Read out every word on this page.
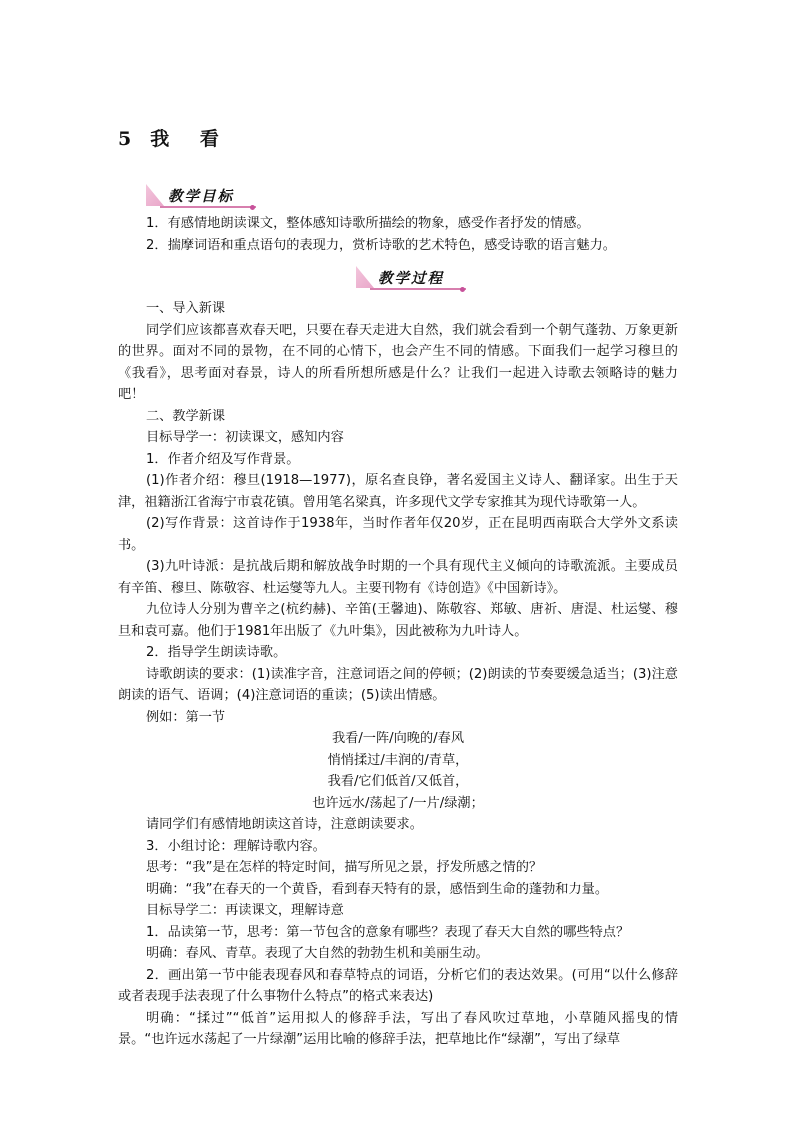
5 我 看
教学目标

1．有感情地朗读课文，整体感知诗歌所描绘的物象，感受作者抒发的情感。

2．揣摩词语和重点语句的表现力，赏析诗歌的艺术特色，感受诗歌的语言魅力。

教学过程

一、导入新课

同学们应该都喜欢春天吧，只要在春天走进大自然，我们就会看到一个朝气蓬勃、万象更新的世界。面对不同的景物，在不同的心情下，也会产生不同的情感。下面我们一起学习穆旦的《我看》，思考面对春景，诗人的所看所想所感是什么？让我们一起进入诗歌去领略诗的魅力吧！

二、教学新课

目标导学一：初读课文，感知内容

1．作者介绍及写作背景。

(1)作者介绍：穆旦(1918—1977)，原名查良铮，著名爱国主义诗人、翻译家。出生于天津，祖籍浙江省海宁市袁花镇。曾用笔名梁真，许多现代文学专家推其为现代诗歌第一人。

(2)写作背景：这首诗作于1938年，当时作者年仅20岁，正在昆明西南联合大学外文系读书。

(3)九叶诗派：是抗战后期和解放战争时期的一个具有现代主义倾向的诗歌流派。主要成员有辛笛、穆旦、陈敬容、杜运燮等九人。主要刊物有《诗创造》《中国新诗》。

九位诗人分别为曹辛之(杭约赫)、辛笛(王馨迪)、陈敬容、郑敏、唐祈、唐湜、杜运燮、穆旦和袁可嘉。他们于1981年出版了《九叶集》，因此被称为九叶诗人。

2．指导学生朗读诗歌。

诗歌朗读的要求：(1)读准字音，注意词语之间的停顿；(2)朗读的节奏要缓急适当；(3)注意朗读的语气、语调；(4)注意词语的重读；(5)读出情感。

例如：第一节

我看/一阵/向晚的/春风

悄悄揉过/丰润的/青草，

我看/它们低首/又低首，

也许远水/荡起了/一片/绿潮；

请同学们有感情地朗读这首诗，注意朗读要求。

3．小组讨论：理解诗歌内容。

思考：“我”是在怎样的特定时间，描写所见之景，抒发所感之情的？

明确：“我”在春天的一个黄昏，看到春天特有的景，感悟到生命的蓬勃和力量。

目标导学二：再读课文，理解诗意

1．品读第一节，思考：第一节包含的意象有哪些？表现了春天大自然的哪些特点？

明确：春风、青草。表现了大自然的勃勃生机和美丽生动。

2．画出第一节中能表现春风和春草特点的词语，分析它们的表达效果。(可用“以什么修辞或者表现手法表现了什么事物什么特点”的格式来表达)

明确：“揉过”“低首”运用拟人的修辞手法，写出了春风吹过草地，小草随风摇曳的情景。“也许远水荡起了一片绿潮”运用比喻的修辞手法，把草地比作“绿潮”，写出了绿草
